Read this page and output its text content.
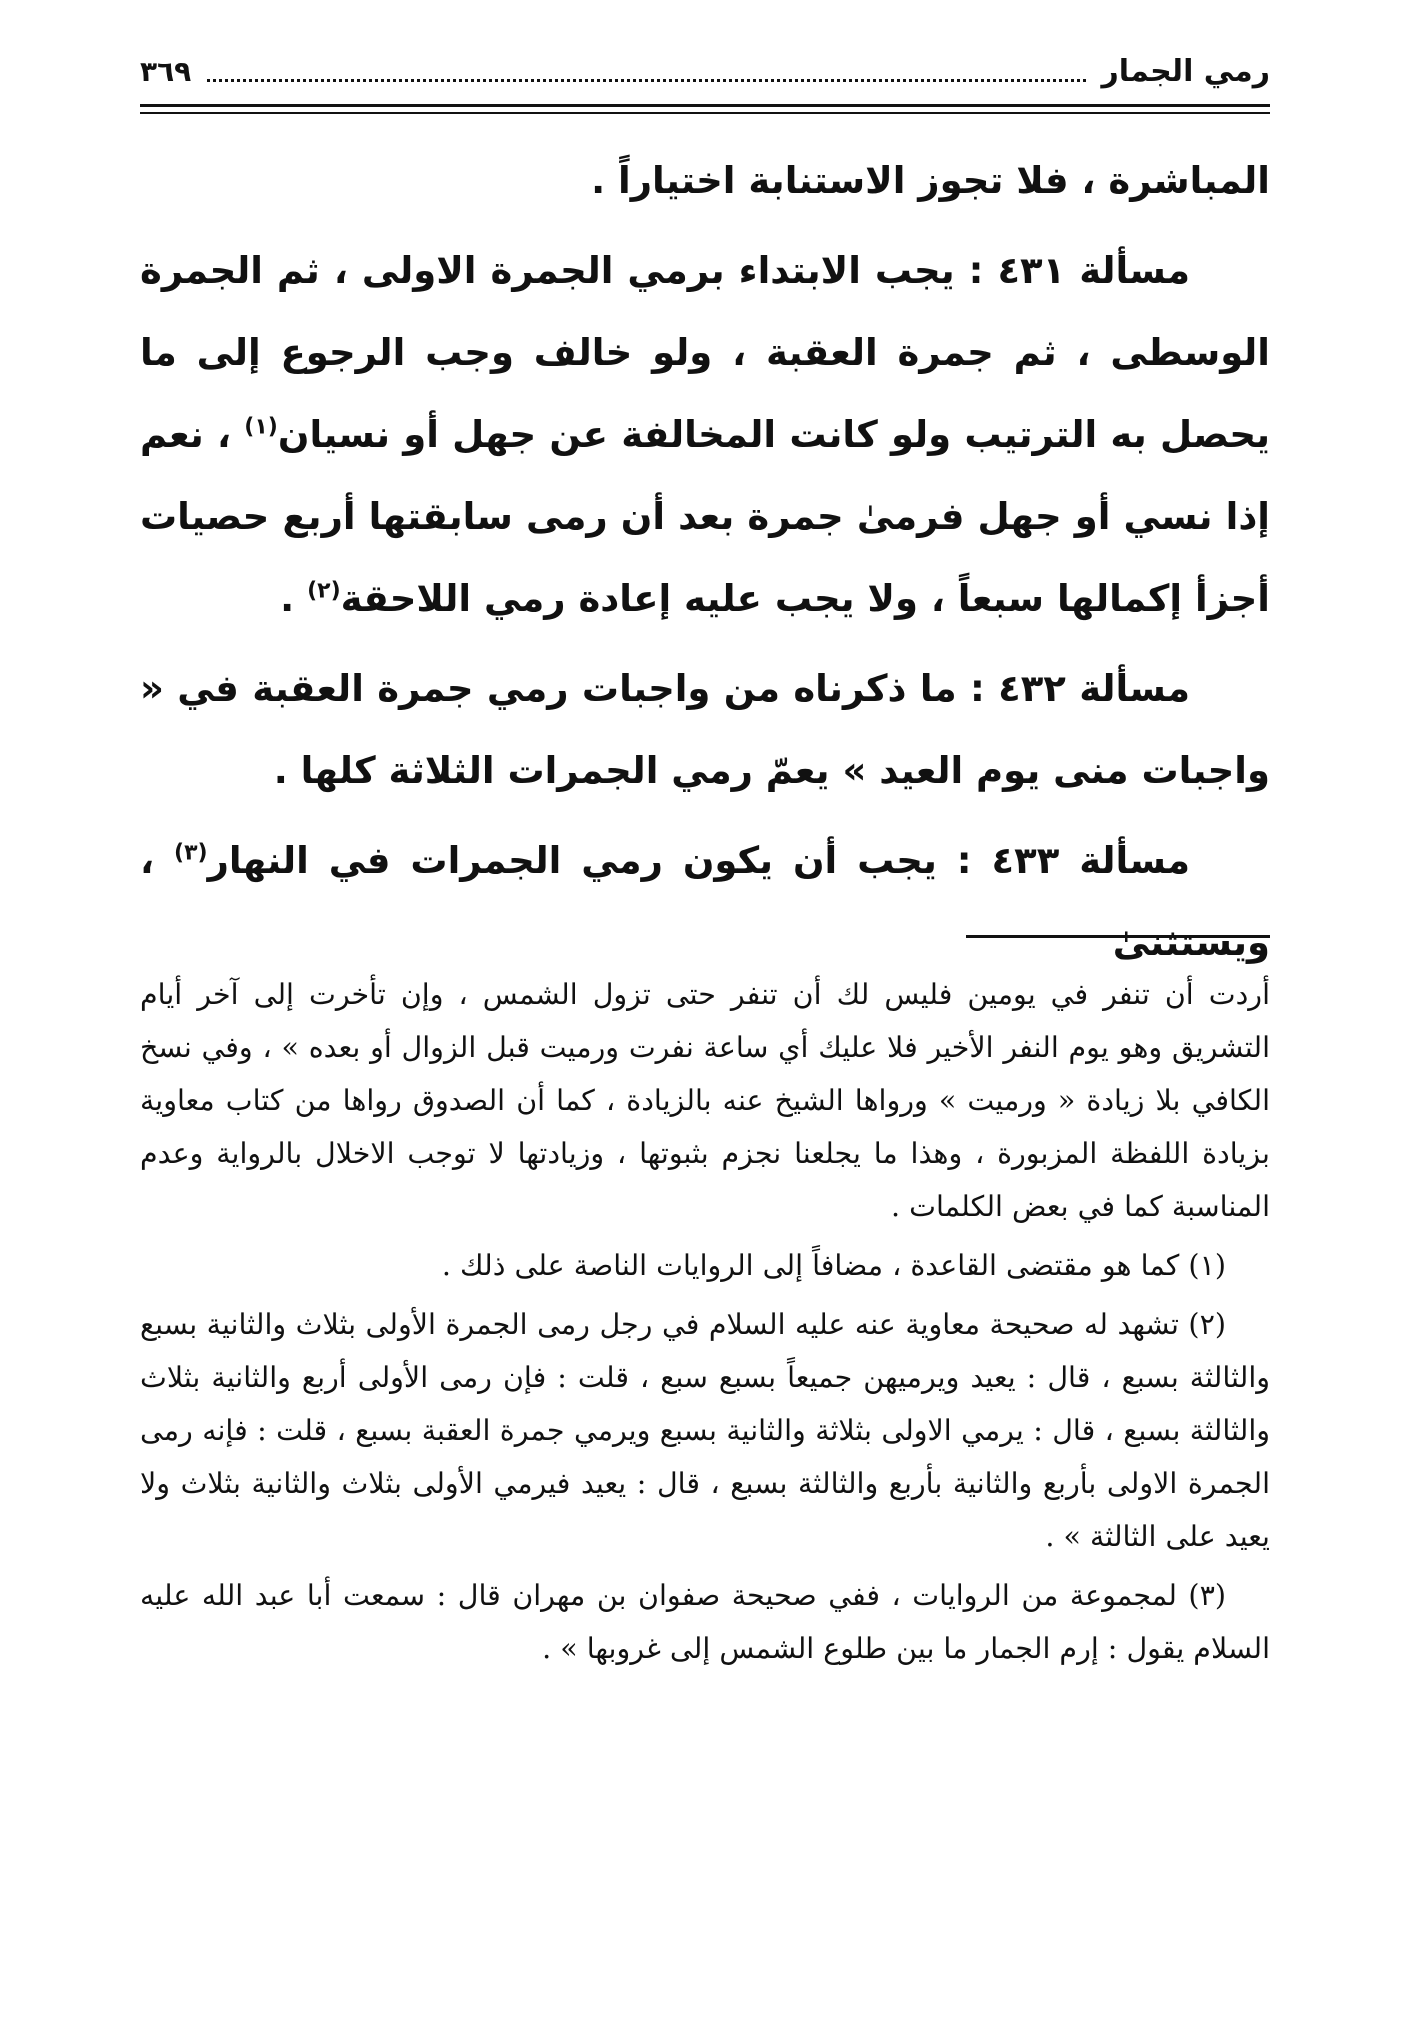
رمي الجمار
٣٦٩

المباشرة ، فلا تجوز الاستنابة اختياراً .

مسألة ٤٣١ : يجب الابتداء برمي الجمرة الاولى ، ثم الجمرة الوسطى ، ثم جمرة العقبة ، ولو خالف وجب الرجوع إلى ما يحصل به الترتيب ولو كانت المخالفة عن جهل أو نسيان$^{(١)}$ ، نعم إذا نسي أو جهل فرمىٰ جمرة بعد أن رمى سابقتها أربع حصيات أجزأ إكمالها سبعاً ، ولا يجب عليه إعادة رمي اللاحقة$^{(٢)}$ .

مسألة ٤٣٢ : ما ذكرناه من واجبات رمي جمرة العقبة في « واجبات منى يوم العيد » يعمّ رمي الجمرات الثلاثة كلها .

مسألة ٤٣٣ : يجب أن يكون رمي الجمرات في النهار$^{(٣)}$ ، ويستثنىٰ

أردت أن تنفر في يومين فليس لك أن تنفر حتى تزول الشمس ، وإن تأخرت إلى آخر أيام التشريق وهو يوم النفر الأخير فلا عليك أي ساعة نفرت ورميت قبل الزوال أو بعده » ، وفي نسخ الكافي بلا زيادة « ورميت » ورواها الشيخ عنه بالزيادة ، كما أن الصدوق رواها من كتاب معاوية بزيادة اللفظة المزبورة ، وهذا ما يجلعنا نجزم بثبوتها ، وزيادتها لا توجب الاخلال بالرواية وعدم المناسبة كما في بعض الكلمات .

(١) كما هو مقتضى القاعدة ، مضافاً إلى الروايات الناصة على ذلك .

(٢) تشهد له صحيحة معاوية عنه عليه السلام في رجل رمى الجمرة الأولى بثلاث والثانية بسبع والثالثة بسبع ، قال : يعيد ويرميهن جميعاً بسبع سبع ، قلت : فإن رمى الأولى أربع والثانية بثلاث والثالثة بسبع ، قال : يرمي الاولى بثلاثة والثانية بسبع ويرمي جمرة العقبة بسبع ، قلت : فإنه رمى الجمرة الاولى بأربع والثانية بأربع والثالثة بسبع ، قال : يعيد فيرمي الأولى بثلاث والثانية بثلاث ولا يعيد على الثالثة » .

(٣) لمجموعة من الروايات ، ففي صحيحة صفوان بن مهران قال : سمعت أبا عبد الله عليه السلام يقول : إرم الجمار ما بين طلوع الشمس إلى غروبها » .
